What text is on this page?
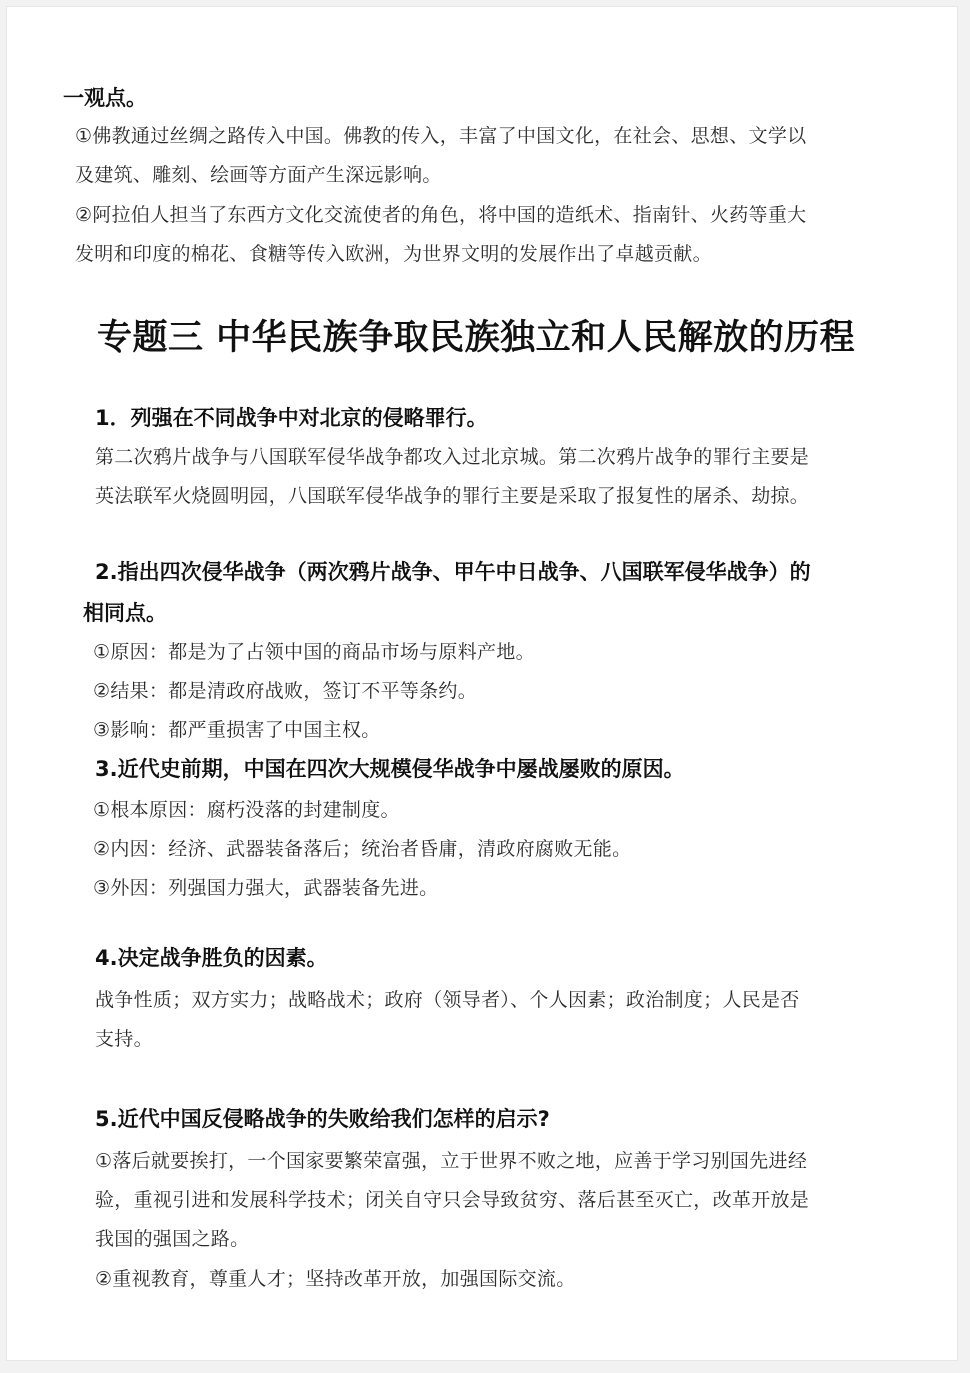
一观点。

①佛教通过丝绸之路传入中国。佛教的传入，丰富了中国文化，在社会、思想、文学以

及建筑、雕刻、绘画等方面产生深远影响。

②阿拉伯人担当了东西方文化交流使者的角色，将中国的造纸术、指南针、火药等重大

发明和印度的棉花、食糖等传入欧洲，为世界文明的发展作出了卓越贡献。

专题三 中华民族争取民族独立和人民解放的历程

1．列强在不同战争中对北京的侵略罪行。

第二次鸦片战争与八国联军侵华战争都攻入过北京城。第二次鸦片战争的罪行主要是

英法联军火烧圆明园，八国联军侵华战争的罪行主要是采取了报复性的屠杀、劫掠。

2.指出四次侵华战争（两次鸦片战争、甲午中日战争、八国联军侵华战争）的

相同点。

①原因：都是为了占领中国的商品市场与原料产地。

②结果：都是清政府战败，签订不平等条约。

③影响：都严重损害了中国主权。

3.近代史前期，中国在四次大规模侵华战争中屡战屡败的原因。

①根本原因：腐朽没落的封建制度。

②内因：经济、武器装备落后；统治者昏庸，清政府腐败无能。

③外因：列强国力强大，武器装备先进。

4.决定战争胜负的因素。

战争性质；双方实力；战略战术；政府（领导者）、个人因素；政治制度；人民是否

支持。

5.近代中国反侵略战争的失败给我们怎样的启示?

①落后就要挨打，一个国家要繁荣富强，立于世界不败之地，应善于学习别国先进经

验，重视引进和发展科学技术；闭关自守只会导致贫穷、落后甚至灭亡，改革开放是

我国的强国之路。

②重视教育，尊重人才；坚持改革开放，加强国际交流。
